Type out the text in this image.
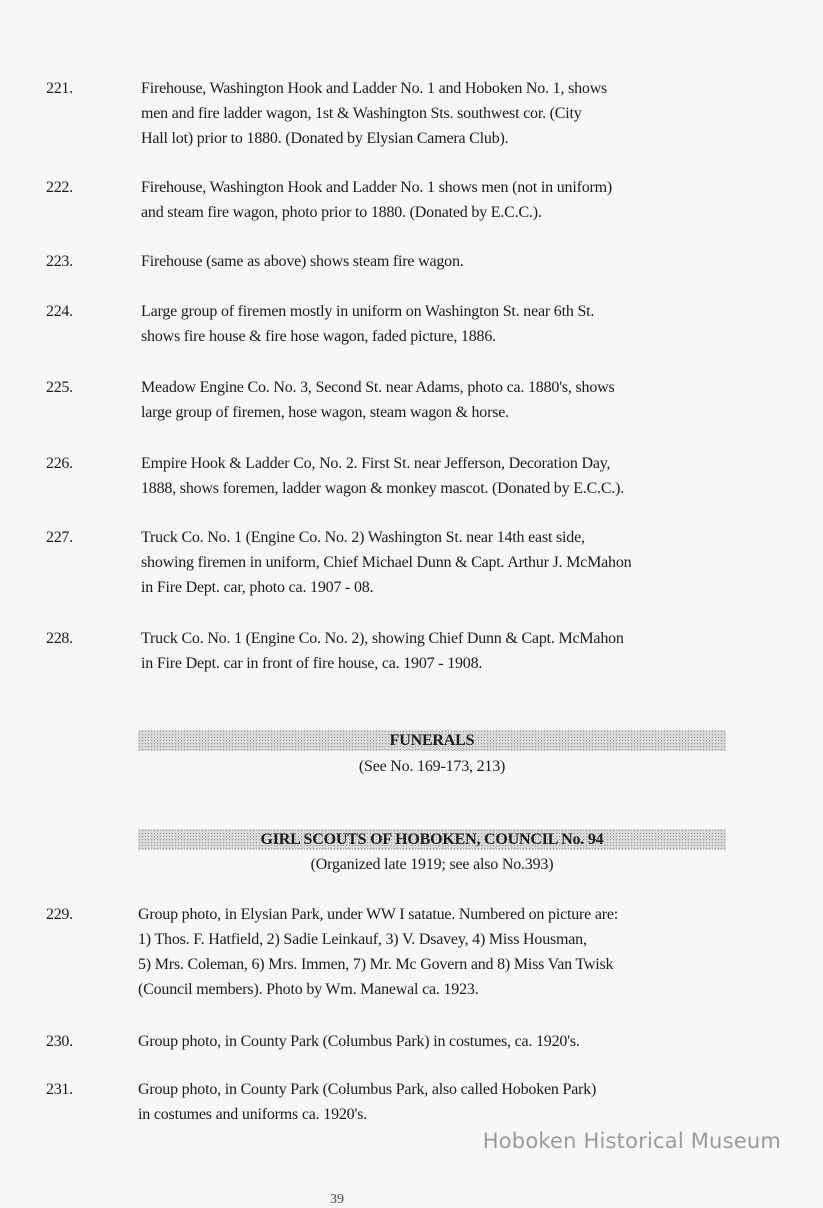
221.	Firehouse, Washington Hook and Ladder No. 1 and Hoboken No. 1, shows
men and fire ladder wagon, 1st & Washington Sts. southwest cor. (City
Hall lot) prior to 1880. (Donated by Elysian Camera Club).
222.	Firehouse, Washington Hook and Ladder No. 1 shows men (not in uniform)
and steam fire wagon, photo prior to 1880. (Donated by E.C.C.).
223.	Firehouse (same as above) shows steam fire wagon.
224.	Large group of firemen mostly in uniform on Washington St. near 6th St.
shows fire house & fire hose wagon, faded picture, 1886.
225.	Meadow Engine Co. No. 3, Second St. near Adams, photo ca. 1880's, shows
large group of firemen, hose wagon, steam wagon & horse.
226.	Empire Hook & Ladder Co, No. 2. First St. near Jefferson, Decoration Day,
1888, shows foremen, ladder wagon & monkey mascot. (Donated by E.C.C.).
227.	Truck Co. No. 1 (Engine Co. No. 2) Washington St. near 14th east side,
showing firemen in uniform, Chief Michael Dunn & Capt. Arthur J. McMahon
in Fire Dept. car, photo ca. 1907 - 08.
228.	Truck Co. No. 1 (Engine Co. No. 2), showing Chief Dunn & Capt. McMahon
in Fire Dept. car in front of fire house, ca. 1907 - 1908.
FUNERALS
(See No. 169-173, 213)
GIRL SCOUTS OF HOBOKEN, COUNCIL No. 94
(Organized late 1919; see also No.393)
229.	Group photo, in Elysian Park, under WW I satatue. Numbered on picture are:
1) Thos. F. Hatfield, 2) Sadie Leinkauf, 3) V. Dsavey, 4) Miss Housman,
5) Mrs. Coleman, 6) Mrs. Immen, 7) Mr. Mc Govern and 8) Miss Van Twisk
(Council members). Photo by Wm. Manewal ca. 1923.
230.	Group photo, in County Park (Columbus Park) in costumes, ca. 1920's.
231.	Group photo, in County Park (Columbus Park, also called Hoboken Park)
in costumes and uniforms ca. 1920's.
Hoboken Historical Museum
39
